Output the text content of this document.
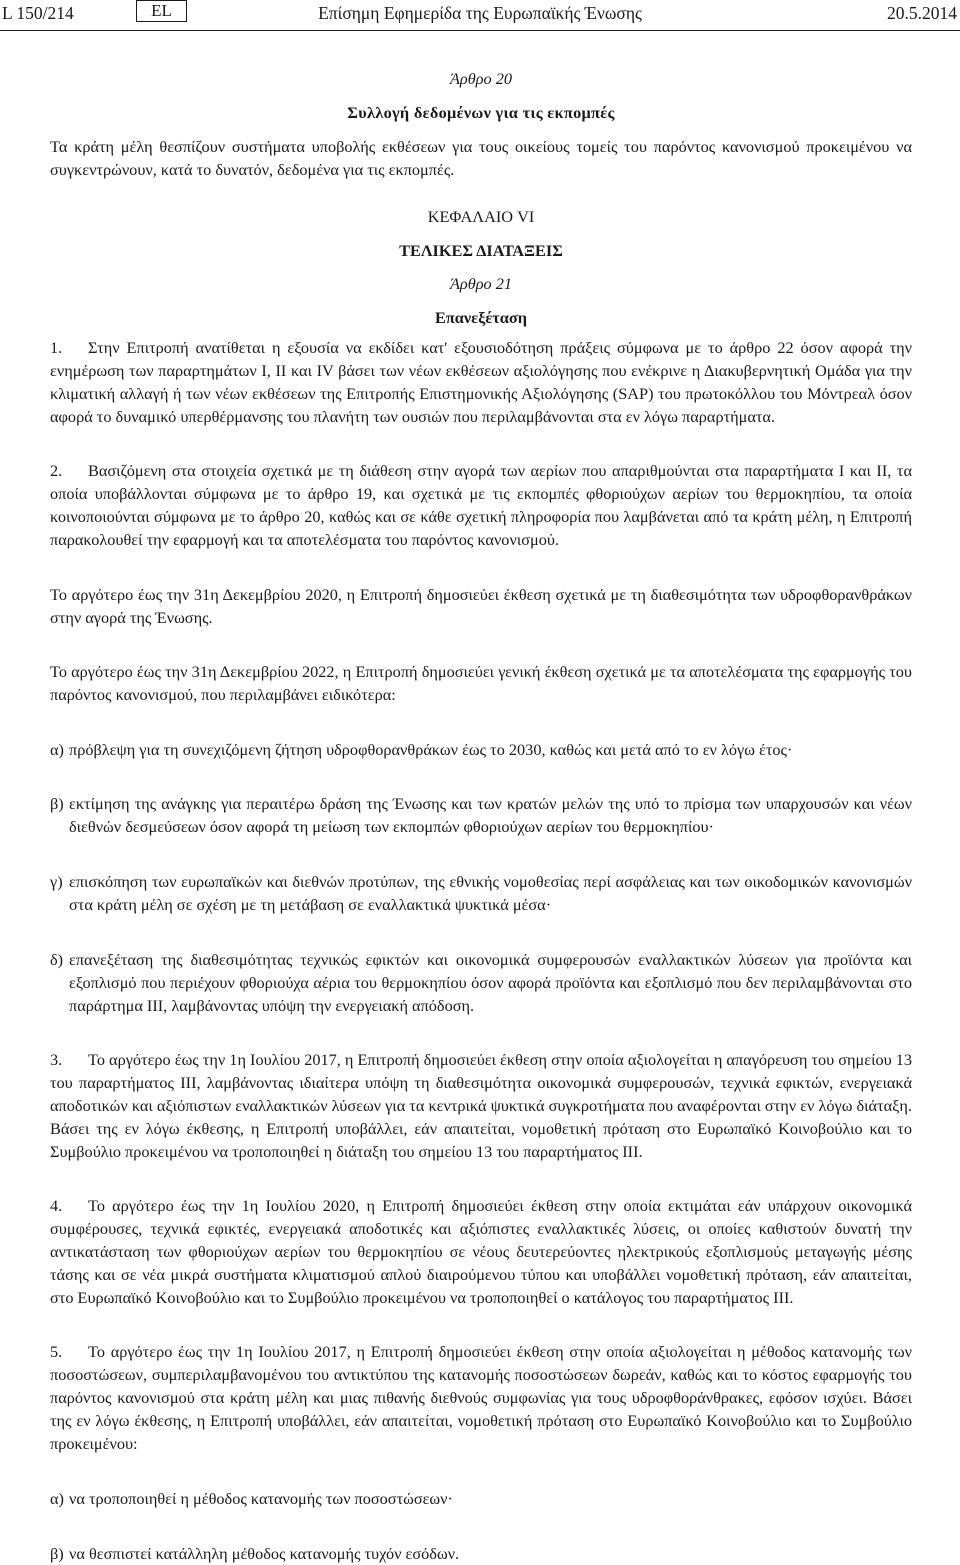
L 150/214	EL	Επίσημη Εφημερίδα της Ευρωπαϊκής Ένωσης	20.5.2014
Άρθρο 20
Συλλογή δεδομένων για τις εκπομπές

Τα κράτη μέλη θεσπίζουν συστήματα υποβολής εκθέσεων για τους οικείους τομείς του παρόντος κανονισμού προκειμένου να συγκεντρώνουν, κατά το δυνατόν, δεδομένα για τις εκπομπές.

ΚΕΦΑΛΑΙΟ VI
ΤΕΛΙΚΕΣ ΔΙΑΤΑΞΕΙΣ
Άρθρο 21
Επανεξέταση

1. Στην Επιτροπή ανατίθεται η εξουσία να εκδίδει κατ' εξουσιοδότηση πράξεις σύμφωνα με το άρθρο 22 όσον αφορά την ενημέρωση των παραρτημάτων I, II και IV βάσει των νέων εκθέσεων αξιολόγησης που ενέκρινε η Διακυβερνητική Ομάδα για την κλιματική αλλαγή ή των νέων εκθέσεων της Επιτροπής Επιστημονικής Αξιολόγησης (SAP) του πρωτοκόλλου του Μόντρεαλ όσον αφορά το δυναμικό υπερθέρμανσης του πλανήτη των ουσιών που περιλαμβάνονται στα εν λόγω παραρτήματα.

2. Βασιζόμενη στα στοιχεία σχετικά με τη διάθεση στην αγορά των αερίων που απαριθμούνται στα παραρτήματα I και II, τα οποία υποβάλλονται σύμφωνα με το άρθρο 19, και σχετικά με τις εκπομπές φθοριούχων αερίων του θερμοκηπίου, τα οποία κοινοποιούνται σύμφωνα με το άρθρο 20, καθώς και σε κάθε σχετική πληροφορία που λαμβάνεται από τα κράτη μέλη, η Επιτροπή παρακολουθεί την εφαρμογή και τα αποτελέσματα του παρόντος κανονισμού.

Το αργότερο έως την 31η Δεκεμβρίου 2020, η Επιτροπή δημοσιεύει έκθεση σχετικά με τη διαθεσιμότητα των υδροφθορανθράκων στην αγορά της Ένωσης.

Το αργότερο έως την 31η Δεκεμβρίου 2022, η Επιτροπή δημοσιεύει γενική έκθεση σχετικά με τα αποτελέσματα της εφαρμογής του παρόντος κανονισμού, που περιλαμβάνει ειδικότερα:

α) πρόβλεψη για τη συνεχιζόμενη ζήτηση υδροφθορανθράκων έως το 2030, καθώς και μετά από το εν λόγω έτος·
β) εκτίμηση της ανάγκης για περαιτέρω δράση της Ένωσης και των κρατών μελών της υπό το πρίσμα των υπαρχουσών και νέων διεθνών δεσμεύσεων όσον αφορά τη μείωση των εκπομπών φθοριούχων αερίων του θερμοκηπίου·
γ) επισκόπηση των ευρωπαϊκών και διεθνών προτύπων, της εθνικής νομοθεσίας περί ασφάλειας και των οικοδομικών κανονισμών στα κράτη μέλη σε σχέση με τη μετάβαση σε εναλλακτικά ψυκτικά μέσα·
δ) επανεξέταση της διαθεσιμότητας τεχνικώς εφικτών και οικονομικά συμφερουσών εναλλακτικών λύσεων για προϊόντα και εξοπλισμό που περιέχουν φθοριούχα αέρια του θερμοκηπίου όσον αφορά προϊόντα και εξοπλισμό που δεν περιλαμβάνονται στο παράρτημα III, λαμβάνοντας υπόψη την ενεργειακή απόδοση.

3. Το αργότερο έως την 1η Ιουλίου 2017, η Επιτροπή δημοσιεύει έκθεση στην οποία αξιολογείται η απαγόρευση του σημείου 13 του παραρτήματος III, λαμβάνοντας ιδιαίτερα υπόψη τη διαθεσιμότητα οικονομικά συμφερουσών, τεχνικά εφικτών, ενεργειακά αποδοτικών και αξιόπιστων εναλλακτικών λύσεων για τα κεντρικά ψυκτικά συγκροτήματα που αναφέρονται στην εν λόγω διάταξη. Βάσει της εν λόγω έκθεσης, η Επιτροπή υποβάλλει, εάν απαιτείται, νομοθετική πρόταση στο Ευρωπαϊκό Κοινοβούλιο και το Συμβούλιο προκειμένου να τροποποιηθεί η διάταξη του σημείου 13 του παραρτήματος III.

4. Το αργότερο έως την 1η Ιουλίου 2020, η Επιτροπή δημοσιεύει έκθεση στην οποία εκτιμάται εάν υπάρχουν οικονομικά συμφέρουσες, τεχνικά εφικτές, ενεργειακά αποδοτικές και αξιόπιστες εναλλακτικές λύσεις, οι οποίες καθιστούν δυνατή την αντικατάσταση των φθοριούχων αερίων του θερμοκηπίου σε νέους δευτερεύοντες ηλεκτρικούς εξοπλισμούς μεταγωγής μέσης τάσης και σε νέα μικρά συστήματα κλιματισμού απλού διαιρούμενου τύπου και υποβάλλει νομοθετική πρόταση, εάν απαιτείται, στο Ευρωπαϊκό Κοινοβούλιο και το Συμβούλιο προκειμένου να τροποποιηθεί ο κατάλογος του παραρτήματος III.

5. Το αργότερο έως την 1η Ιουλίου 2017, η Επιτροπή δημοσιεύει έκθεση στην οποία αξιολογείται η μέθοδος κατανομής των ποσοστώσεων, συμπεριλαμβανομένου του αντικτύπου της κατανομής ποσοστώσεων δωρεάν, καθώς και το κόστος εφαρμογής του παρόντος κανονισμού στα κράτη μέλη και μιας πιθανής διεθνούς συμφωνίας για τους υδροφθοράνθρακες, εφόσον ισχύει. Βάσει της εν λόγω έκθεσης, η Επιτροπή υποβάλλει, εάν απαιτείται, νομοθετική πρόταση στο Ευρωπαϊκό Κοινοβούλιο και το Συμβούλιο προκειμένου:

α) να τροποποιηθεί η μέθοδος κατανομής των ποσοστώσεων·
β) να θεσπιστεί κατάλληλη μέθοδος κατανομής τυχόν εσόδων.
